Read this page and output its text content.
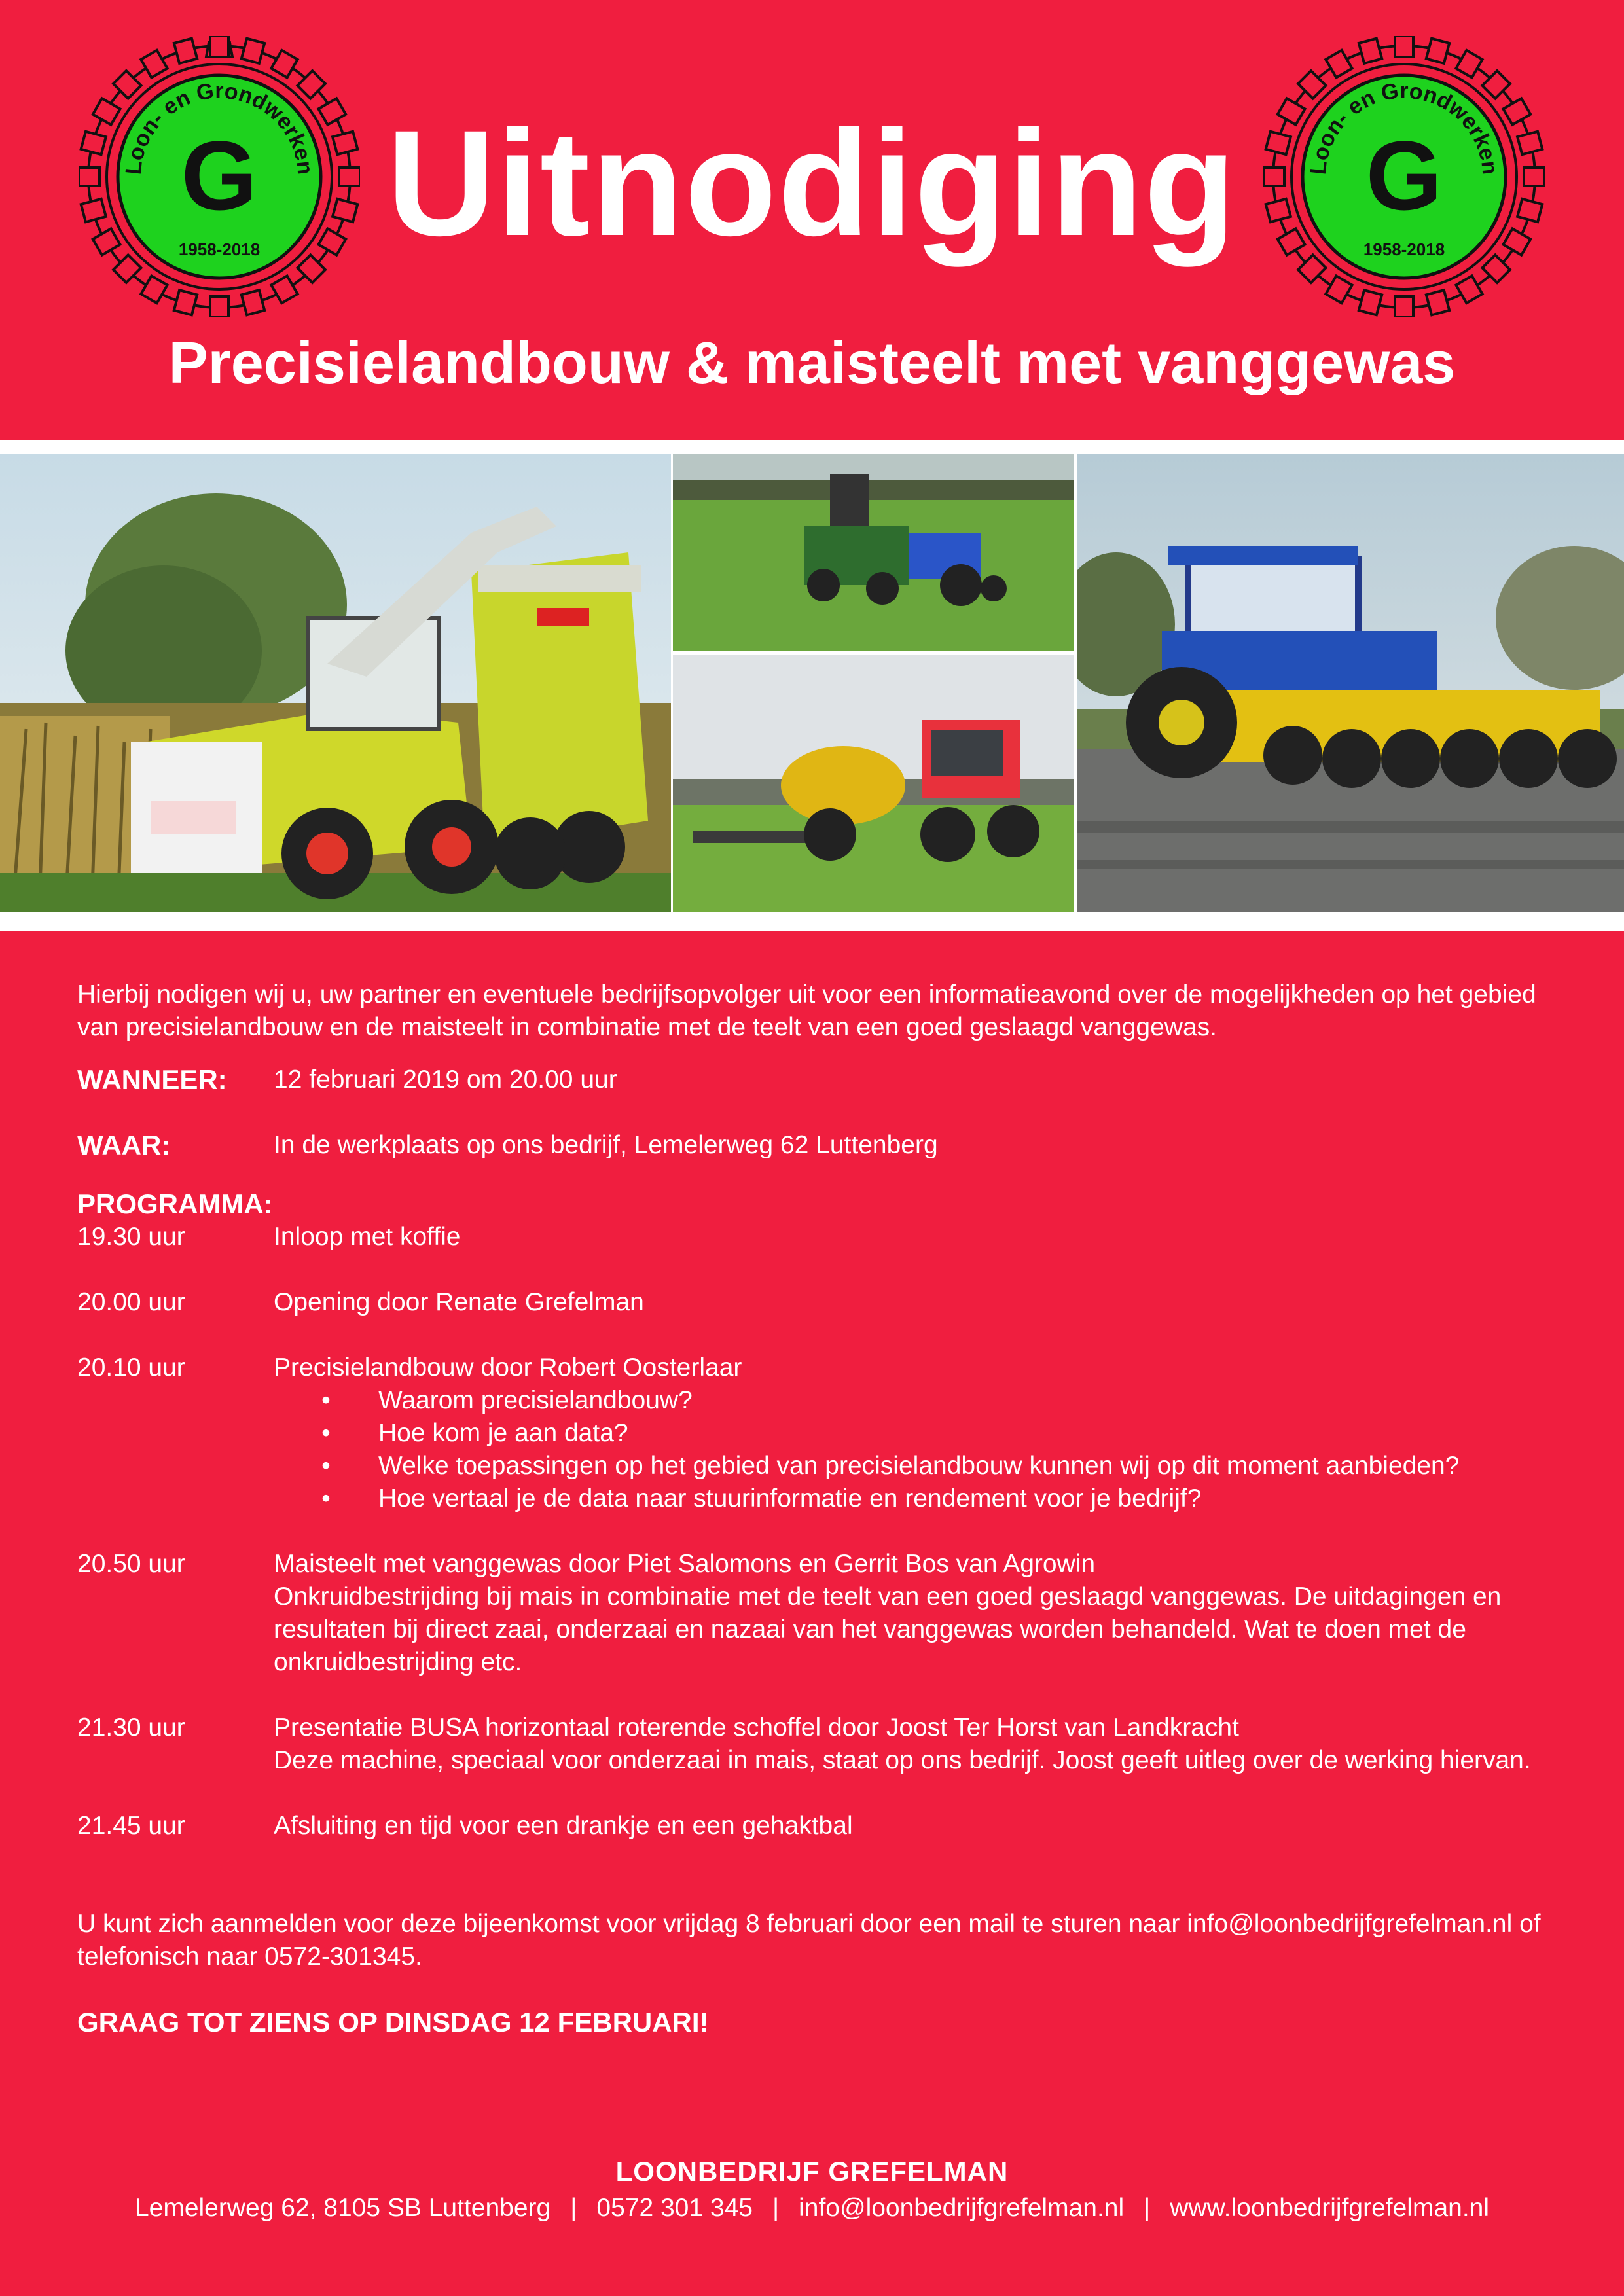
Loon- en Grondwerken
G
1958-2018 Uitnodiging	Loon- en Grondwerken
G
1958-2018
Precisielandbouw & maisteelt met vanggewas

Hierbij nodigen wij u, uw partner en eventuele bedrijfsopvolger uit voor een informatieavond over de mogelijkheden op het gebied van precisielandbouw en de maisteelt in combinatie met de teelt van een goed geslaagd vanggewas.

WANNEER:	12 februari 2019 om 20.00 uur
WAAR:	In de werkplaats op ons bedrijf, Lemelerweg 62 Luttenberg

PROGRAMMA:

19.30 uur	Inloop met koffie
20.00 uur	Opening door Renate Grefelman
20.10 uur	Precisielandbouw door Robert Oosterlaar
•	Waarom precisielandbouw?
•	Hoe kom je aan data?
•	Welke toepassingen op het gebied van precisielandbouw kunnen wij op dit moment aanbieden?
•	Hoe vertaal je de data naar stuurinformatie en rendement voor je bedrijf?
20.50 uur	Maisteelt met vanggewas door Piet Salomons en Gerrit Bos van Agrowin
Onkruidbestrijding bij mais in combinatie met de teelt van een goed geslaagd vanggewas. De uitdagingen en resultaten bij direct zaai, onderzaai en nazaai van het vanggewas worden behandeld. Wat te doen met de onkruidbestrijding etc.
21.30 uur	Presentatie BUSA horizontaal roterende schoffel door Joost Ter Horst van Landkracht
Deze machine, speciaal voor onderzaai in mais, staat op ons bedrijf. Joost geeft uitleg over de werking hiervan.
21.45 uur	Afsluiting en tijd voor een drankje en een gehaktbal

U kunt zich aanmelden voor deze bijeenkomst voor vrijdag 8 februari door een mail te sturen naar info@loonbedrijfgrefelman.nl of telefonisch naar 0572-301345.

GRAAG TOT ZIENS OP DINSDAG 12 FEBRUARI!

LOONBEDRIJF GREFELMAN
Lemelerweg 62, 8105 SB Luttenberg | 0572 301 345 | info@loonbedrijfgrefelman.nl | www.loonbedrijfgrefelman.nl
